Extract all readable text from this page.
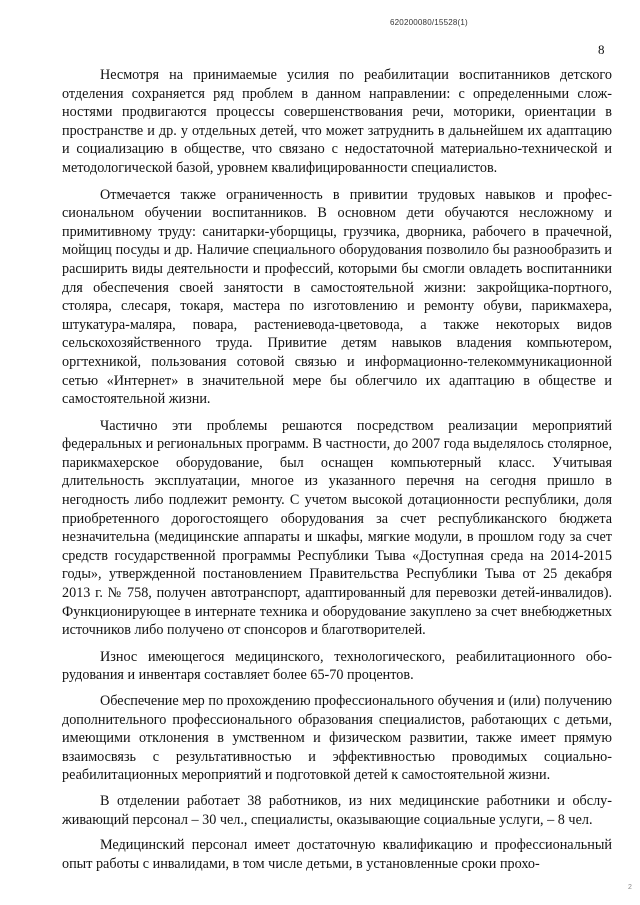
620200080/15528(1)
8

Несмотря на принимаемые усилия по реабилитации воспитанников детского отделения сохраняется ряд проблем в данном направлении: с определенными сложностями продвигаются процессы совершенствования речи, моторики, ориентации в пространстве и др. у отдельных детей, что может затруднить в дальнейшем их адаптацию и социализацию в обществе, что связано с недостаточной материально-технической и методологической базой, уровнем квалифицированности специалистов.

Отмечается также ограниченность в привитии трудовых навыков и профессиональном обучении воспитанников. В основном дети обучаются несложному и примитивному труду: санитарки-уборщицы, грузчика, дворника, рабочего в прачечной, мойщиц посуды и др. Наличие специального оборудования позволило бы разнообразить и расширить виды деятельности и профессий, которыми бы смогли овладеть воспитанники для обеспечения своей занятости в самостоятельной жизни: закройщика-портного, столяра, слесаря, токаря, мастера по изготовлению и ремонту обуви, парикмахера, штукатура-маляра, повара, растениевода-цветовода, а также некоторых видов сельскохозяйственного труда. Привитие детям навыков владения компьютером, оргтехникой, пользования сотовой связью и информационно-телекоммуникационной сетью «Интернет» в значительной мере бы облегчило их адаптацию в обществе и самостоятельной жизни.

Частично эти проблемы решаются посредством реализации мероприятий федеральных и региональных программ. В частности, до 2007 года выделялось столярное, парикмахерское оборудование, был оснащен компьютерный класс. Учитывая длительность эксплуатации, многое из указанного перечня на сегодня пришло в негодность либо подлежит ремонту. С учетом высокой дотационности республики, доля приобретенного дорогостоящего оборудования за счет республиканского бюджета незначительна (медицинские аппараты и шкафы, мягкие модули, в прошлом году за счет средств государственной программы Республики Тыва «Доступная среда на 2014-2015 годы», утвержденной постановлением Правительства Республики Тыва от 25 декабря 2013 г. № 758, получен автотранспорт, адаптированный для перевозки детей-инвалидов). Функционирующее в интернате техника и оборудование закуплено за счет внебюджетных источников либо получено от спонсоров и благотворителей.

Износ имеющегося медицинского, технологического, реабилитационного оборудования и инвентаря составляет более 65-70 процентов.

Обеспечение мер по прохождению профессионального обучения и (или) получению дополнительного профессионального образования специалистов, работающих с детьми, имеющими отклонения в умственном и физическом развитии, также имеет прямую взаимосвязь с результативностью и эффективностью проводимых социально-реабилитационных мероприятий и подготовкой детей к самостоятельной жизни.

В отделении работает 38 работников, из них медицинские работники и обслуживающий персонал – 30 чел., специалисты, оказывающие социальные услуги, – 8 чел.

Медицинский персонал имеет достаточную квалификацию и профессиональный опыт работы с инвалидами, в том числе детьми, в установленные сроки прохо-

2
